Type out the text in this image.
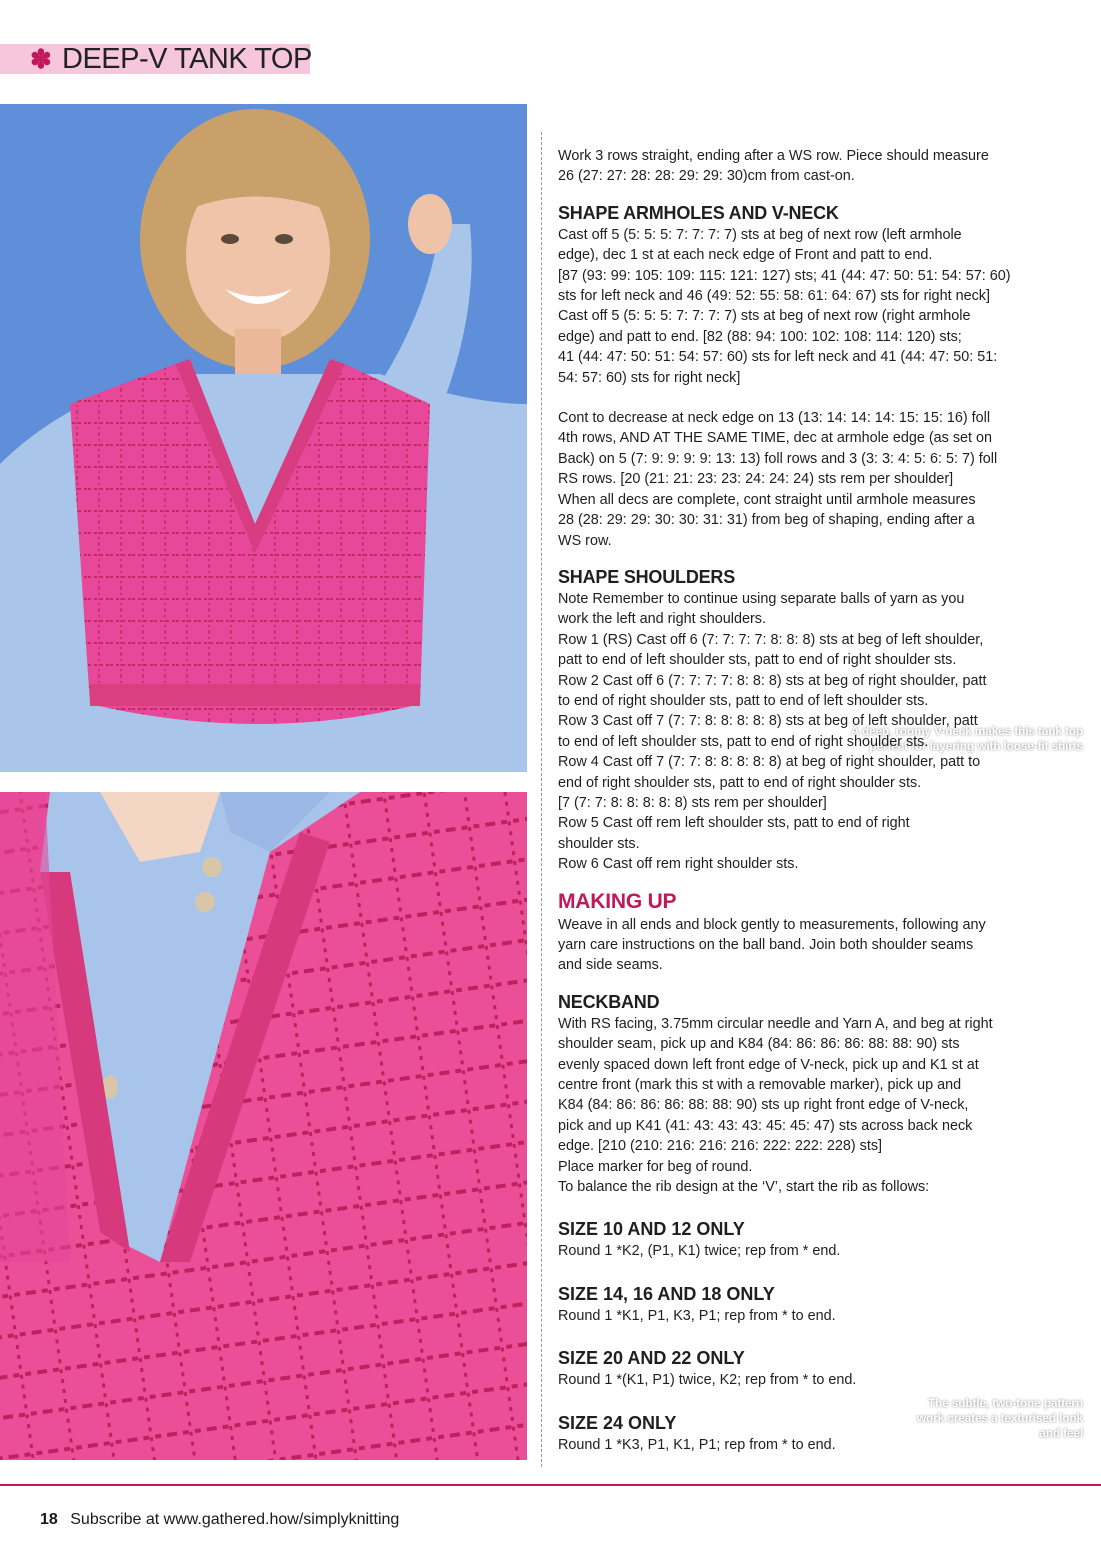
✽ DEEP-V TANK TOP
A deep, roomy V-neck makes this tank top perfect for layering with loose-fit shirts
The subtle, two-tone pattern work creates a texturised look and feel

Work 3 rows straight, ending after a WS row. Piece should measure

26 (27: 27: 28: 28: 29: 29: 30)cm from cast-on.

SHAPE ARMHOLES AND V-NECK

Cast off 5 (5: 5: 5: 7: 7: 7: 7) sts at beg of next row (left armhole

edge), dec 1 st at each neck edge of Front and patt to end.

[87 (93: 99: 105: 109: 115: 121: 127) sts; 41 (44: 47: 50: 51: 54: 57: 60)

sts for left neck and 46 (49: 52: 55: 58: 61: 64: 67) sts for right neck]

Cast off 5 (5: 5: 5: 7: 7: 7: 7) sts at beg of next row (right armhole

edge) and patt to end. [82 (88: 94: 100: 102: 108: 114: 120) sts;

41 (44: 47: 50: 51: 54: 57: 60) sts for left neck and 41 (44: 47: 50: 51:

54: 57: 60) sts for right neck]

Cont to decrease at neck edge on 13 (13: 14: 14: 14: 15: 15: 16) foll

4th rows, AND AT THE SAME TIME, dec at armhole edge (as set on

Back) on 5 (7: 9: 9: 9: 9: 13: 13) foll rows and 3 (3: 3: 4: 5: 6: 5: 7) foll

RS rows. [20 (21: 21: 23: 23: 24: 24: 24) sts rem per shoulder]

When all decs are complete, cont straight until armhole measures

28 (28: 29: 29: 30: 30: 31: 31) from beg of shaping, ending after a

WS row.

SHAPE SHOULDERS

Note Remember to continue using separate balls of yarn as you

work the left and right shoulders.

Row 1 (RS) Cast off 6 (7: 7: 7: 7: 8: 8: 8) sts at beg of left shoulder,

patt to end of left shoulder sts, patt to end of right shoulder sts.

Row 2 Cast off 6 (7: 7: 7: 7: 8: 8: 8) sts at beg of right shoulder, patt

to end of right shoulder sts, patt to end of left shoulder sts.

Row 3 Cast off 7 (7: 7: 8: 8: 8: 8: 8) sts at beg of left shoulder, patt

to end of left shoulder sts, patt to end of right shoulder sts.

Row 4 Cast off 7 (7: 7: 8: 8: 8: 8: 8) at beg of right shoulder, patt to

end of right shoulder sts, patt to end of right shoulder sts.

[7 (7: 7: 8: 8: 8: 8: 8) sts rem per shoulder]

Row 5 Cast off rem left shoulder sts, patt to end of right

shoulder sts.

Row 6 Cast off rem right shoulder sts.

MAKING UP

Weave in all ends and block gently to measurements, following any

yarn care instructions on the ball band. Join both shoulder seams

and side seams.

NECKBAND

With RS facing, 3.75mm circular needle and Yarn A, and beg at right

shoulder seam, pick up and K84 (84: 86: 86: 86: 88: 88: 90) sts

evenly spaced down left front edge of V-neck, pick up and K1 st at

centre front (mark this st with a removable marker), pick up and

K84 (84: 86: 86: 86: 88: 88: 90) sts up right front edge of V-neck,

pick and up K41 (41: 43: 43: 43: 45: 45: 47) sts across back neck

edge. [210 (210: 216: 216: 216: 222: 222: 228) sts]

Place marker for beg of round.

To balance the rib design at the ‘V’, start the rib as follows:

SIZE 10 AND 12 ONLY

Round 1 *K2, (P1, K1) twice; rep from * end.

SIZE 14, 16 AND 18 ONLY

Round 1 *K1, P1, K3, P1; rep from * to end.

SIZE 20 AND 22 ONLY

Round 1 *(K1, P1) twice, K2; rep from * to end.

SIZE 24 ONLY

Round 1 *K3, P1, K1, P1; rep from * to end.

18 Subscribe at www.gathered.how/simplyknitting
